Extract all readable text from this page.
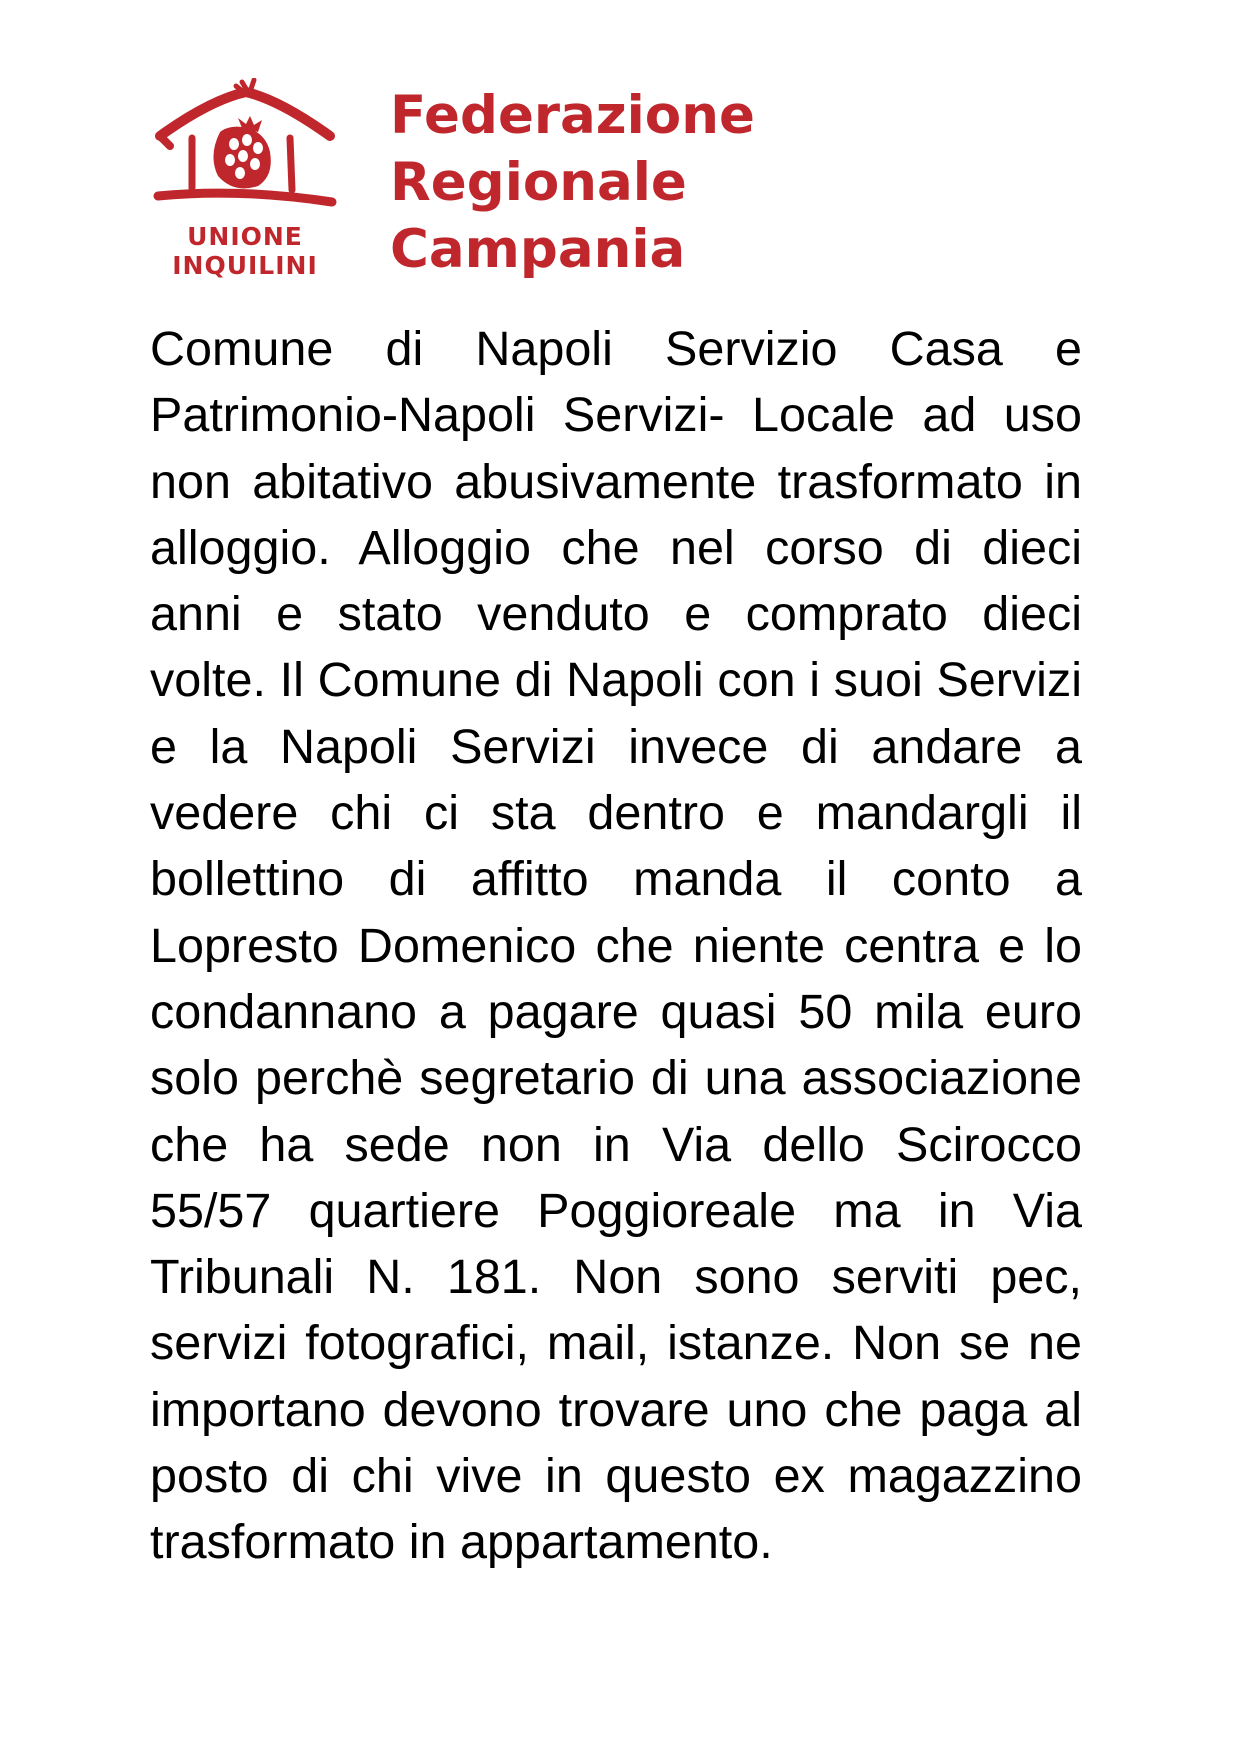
UNIONE
INQUILINI
Federazione
Regionale
Campania
Comune di Napoli Servizio Casa e Patrimonio-Napoli Servizi- Locale ad uso non abitativo abusivamente trasformato in alloggio. Alloggio che nel corso di dieci anni e stato venduto e comprato dieci volte. Il Comune di Napoli con i suoi Servizi e la Napoli Servizi invece di andare a vedere chi ci sta dentro e mandargli il bollettino di affitto manda il conto a Lopresto Domenico che niente centra e lo condannano a pagare quasi 50 mila euro solo perchè segretario di una associazione che ha sede non in Via dello Scirocco 55/57 quartiere Poggioreale ma in Via Tribunali N. 181. Non sono serviti pec, servizi fotografici, mail, istanze. Non se ne importano devono trovare uno che paga al posto di chi vive in questo ex magazzino trasformato in appartamento.
